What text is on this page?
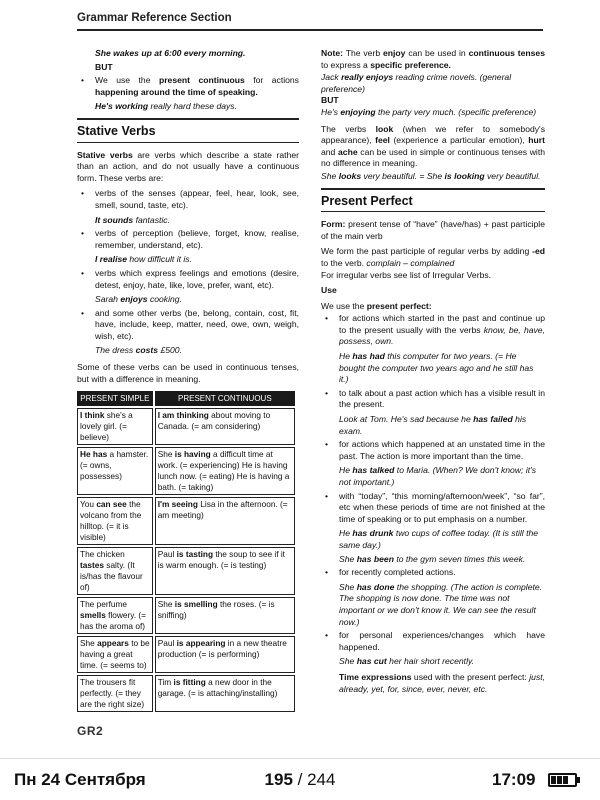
Grammar Reference Section
She wakes up at 6:00 every morning.
BUT
• We use the present continuous for actions happening around the time of speaking.
He's working really hard these days.
Stative Verbs

Stative verbs are verbs which describe a state rather than an action, and do not usually have a continuous form. These verbs are:

• verbs of the senses (appear, feel, hear, look, see, smell, sound, taste, etc).
It sounds fantastic.
• verbs of perception (believe, forget, know, realise, remember, understand, etc).
I realise how difficult it is.
• verbs which express feelings and emotions (desire, detest, enjoy, hate, like, love, prefer, want, etc).
Sarah enjoys cooking.
• and some other verbs (be, belong, contain, cost, fit, have, include, keep, matter, need, owe, own, weigh, wish, etc).
The dress costs £500.

Some of these verbs can be used in continuous tenses, but with a difference in meaning.

PRESENT SIMPLE	PRESENT CONTINUOUS
I think she's a lovely girl. (= believe)	I am thinking about moving to Canada. (= am considering)
He has a hamster. (= owns, possesses)	She is having a difficult time at work. (= experiencing) He is having lunch now. (= eating) He is having a bath. (= taking)
You can see the volcano from the hilltop. (= it is visible)	I'm seeing Lisa in the afternoon. (= am meeting)
The chicken tastes salty. (It is/has the flavour of)	Paul is tasting the soup to see if it is warm enough. (= is testing)
The perfume smells flowery. (= has the aroma of)	She is smelling the roses. (= is sniffing)
She appears to be having a great time. (= seems to)	Paul is appearing in a new theatre production (= is performing)
The trousers fit perfectly. (= they are the right size)	Tim is fitting a new door in the garage. (= is attaching/installing)

Note: The verb enjoy can be used in continuous tenses to express a specific preference.

Jack really enjoys reading crime novels. (general preference)
BUT
He's enjoying the party very much. (specific preference)

The verbs look (when we refer to somebody's appearance), feel (experience a particular emotion), hurt and ache can be used in simple or continuous tenses with no difference in meaning.

She looks very beautiful. = She is looking very beautiful.
Present Perfect

Form: present tense of “have” (have/has) + past participle of the main verb

We form the past participle of regular verbs by adding -ed to the verb. complain – complained

For irregular verbs see list of Irregular Verbs.

Use

We use the present perfect:

• for actions which started in the past and continue up to the present usually with the verbs know, be, have, possess, own.
He has had this computer for two years. (= He bought the computer two years ago and he still has it.)
• to talk about a past action which has a visible result in the present.
Look at Tom. He's sad because he has failed his exam.
• for actions which happened at an unstated time in the past. The action is more important than the time.
He has talked to Maria. (When? We don't know; it's not important.)
• with “today”, “this morning/afternoon/week”, “so far”, etc when these periods of time are not finished at the time of speaking or to put emphasis on a number.
He has drunk two cups of coffee today. (It is still the same day.)
She has been to the gym seven times this week.
• for recently completed actions.
She has done the shopping. (The action is complete. The shopping is now done. The time was not important or we don't know it. We can see the result now.)
• for personal experiences/changes which have happened.
She has cut her hair short recently.

Time expressions used with the present perfect: just, already, yet, for, since, ever, never, etc.

GR2
Пн 24 Сентября	195 / 244	17:09
